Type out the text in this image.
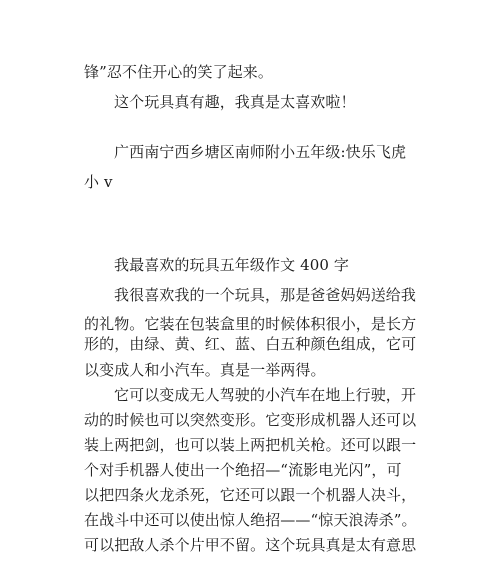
锋”忍不住开心的笑了起来。
这个玩具真有趣，我真是太喜欢啦！
广西南宁西乡塘区南师附小五年级:快乐飞虎
小 v
我最喜欢的玩具五年级作文 400 字
我很喜欢我的一个玩具，那是爸爸妈妈送给我
的礼物。它装在包装盒里的时候体积很小，是长方
形的，由绿、黄、红、蓝、白五种颜色组成，它可
以变成人和小汽车。真是一举两得。
它可以变成无人驾驶的小汽车在地上行驶，开
动的时候也可以突然变形。它变形成机器人还可以
装上两把剑，也可以装上两把机关枪。还可以跟一
个对手机器人使出一个绝招—“流影电光闪”，可
以把四条火龙杀死，它还可以跟一个机器人决斗，
在战斗中还可以使出惊人绝招——“惊天浪涛杀”。
可以把敌人杀个片甲不留。这个玩具真是太有意思
